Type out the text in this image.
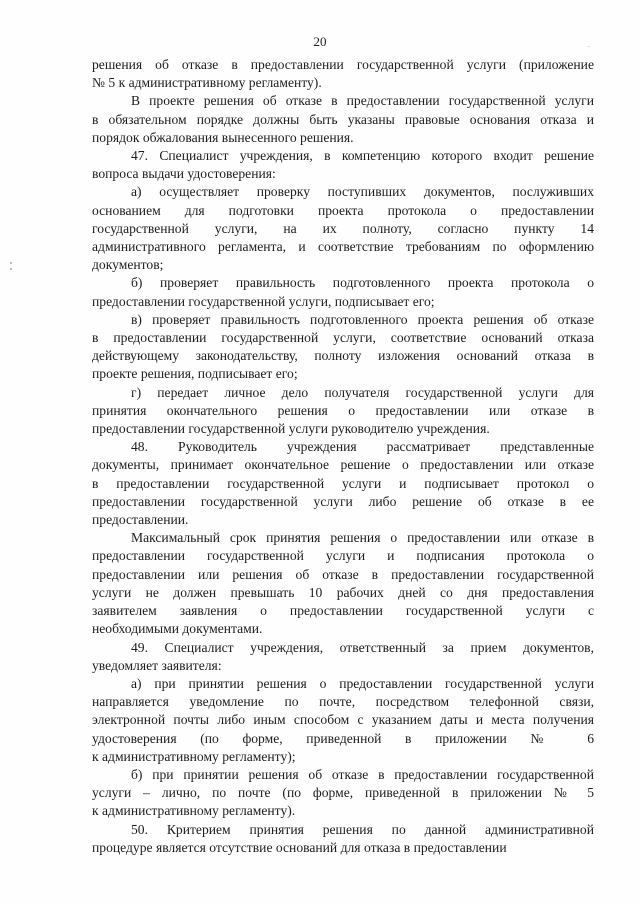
20	.

решения об отказе в предоставлении государственной услуги (приложение

№ 5 к административному регламенту).

В проекте решения об отказе в предоставлении государственной услуги

в обязательном порядке должны быть указаны правовые основания отказа и

порядок обжалования вынесенного решения.

47. Специалист учреждения, в компетенцию которого входит решение

вопроса выдачи удостоверения:

а) осуществляет проверку поступивших документов, послуживших

основанием для подготовки проекта протокола о предоставлении

государственной услуги, на их полноту, согласно пункту 14

административного регламента, и соответствие требованиям по оформлению

документов;

б) проверяет правильность подготовленного проекта протокола о

предоставлении государственной услуги, подписывает его;

в) проверяет правильность подготовленного проекта решения об отказе

в предоставлении государственной услуги, соответствие оснований отказа

действующему законодательству, полноту изложения оснований отказа в

проекте решения, подписывает его;

г) передает личное дело получателя государственной услуги для

принятия окончательного решения о предоставлении или отказе в

предоставлении государственной услуги руководителю учреждения.

48. Руководитель учреждения рассматривает представленные

документы, принимает окончательное решение о предоставлении или отказе

в предоставлении государственной услуги и подписывает протокол о

предоставлении государственной услуги либо решение об отказе в ее

предоставлении.

Максимальный срок принятия решения о предоставлении или отказе в

предоставлении государственной услуги и подписания протокола о

предоставлении или решения об отказе в предоставлении государственной

услуги не должен превышать 10 рабочих дней со дня предоставления

заявителем заявления о предоставлении государственной услуги с

необходимыми документами.

49. Специалист учреждения, ответственный за прием документов,

уведомляет заявителя:

а) при принятии решения о предоставлении государственной услуги

направляется уведомление по почте, посредством телефонной связи,

электронной почты либо иным способом с указанием даты и места получения

удостоверения (по форме, приведенной в приложении № 6

к административному регламенту);

б) при принятии решения об отказе в предоставлении государственной

услуги – лично, по почте (по форме, приведенной в приложении № 5

к административному регламенту).

50. Критерием принятия решения по данной административной

процедуре является отсутствие оснований для отказа в предоставлении
